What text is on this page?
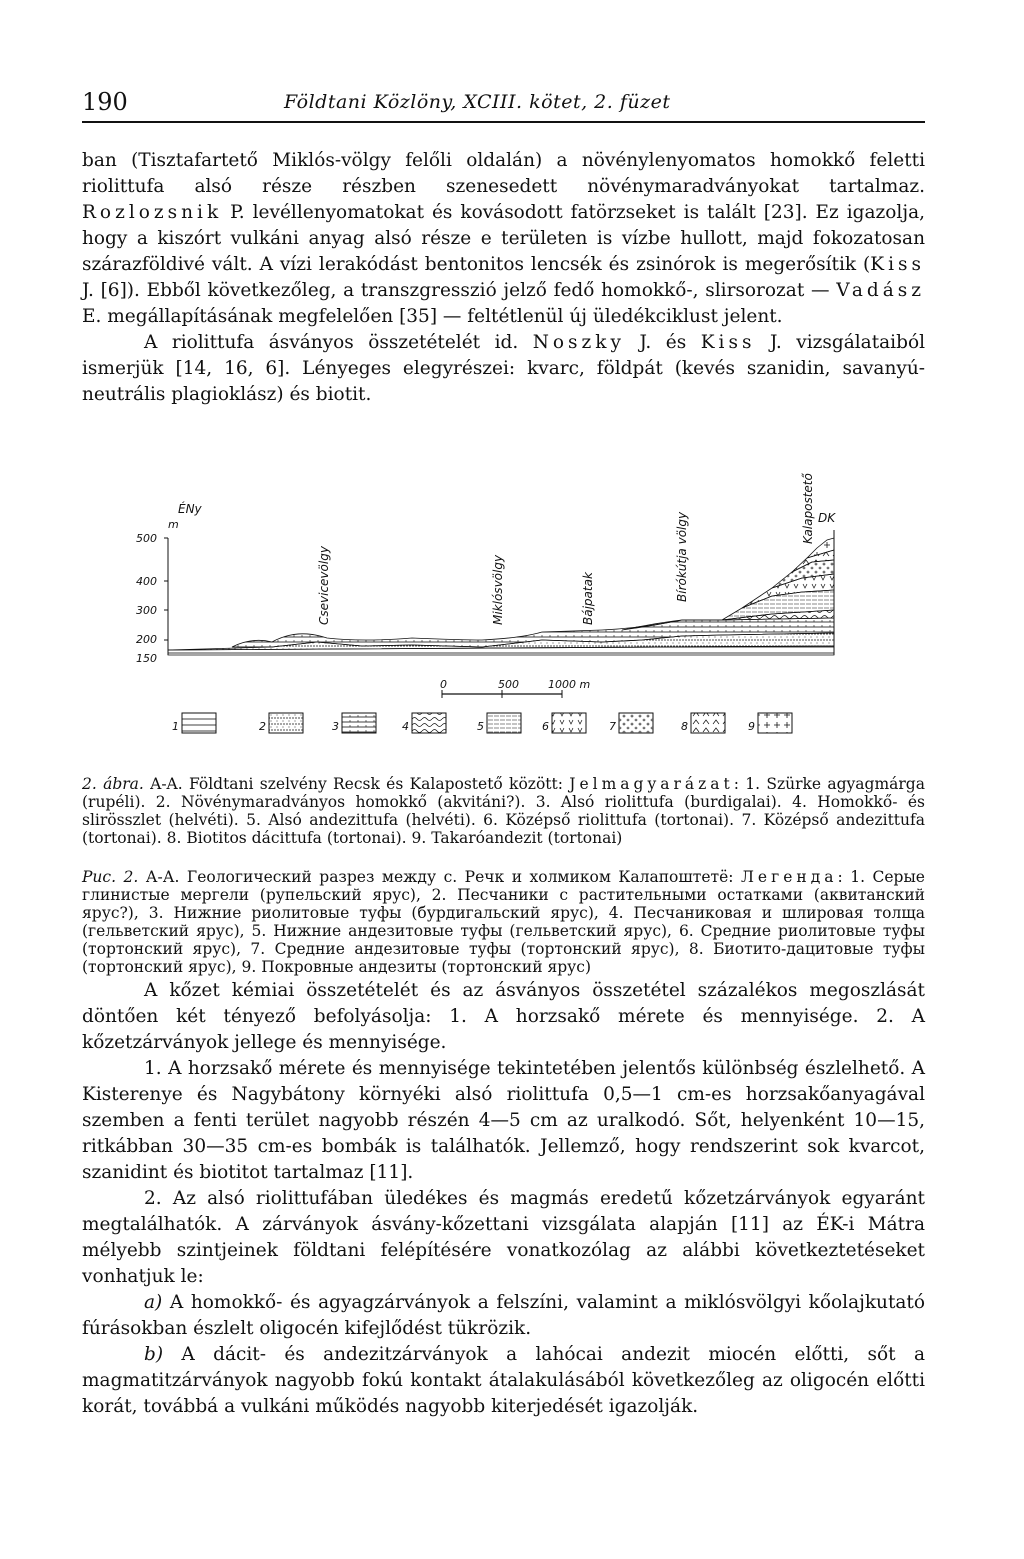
190	Földtani Közlöny, XCIII. kötet, 2. füzet

ban (Tisztafartető Miklós-völgy felőli oldalán) a növénylenyomatos homokkő feletti riolittufa alsó része részben szenesedett növénymaradványokat tartalmaz. Rozlozsnik P. levéllenyomatokat és kovásodott fatörzseket is talált [23]. Ez igazolja, hogy a kiszórt vulkáni anyag alsó része e területen is vízbe hullott, majd fokozatosan szárazföldivé vált. A vízi lerakódást bentonitos lencsék és zsinórok is megerősítik (Kiss J. [6]). Ebből következőleg, a transzgresszió jelző fedő homokkő-, slirsorozat — Vadász E. megállapításának megfelelően [35] — feltétlenül új üledékciklust jelent.

A riolittufa ásványos összetételét id. Noszky J. és Kiss J. vizsgálataiból ismerjük [14, 16, 6]. Lényeges elegyrészei: kvarc, földpát (kevés szanidin, savanyú-neutrális plagioklász) és biotit.

ÉNy
m
500
400
300
200
150
DK
Csevicevölgy	Miklósvölgy	Bájpatak	Bírókútja völgy
Kalapostető
0	500	1000 m
1	2	3	4	5	6	7	8	9

2. ábra. A-A. Földtani szelvény Recsk és Kalapostető között: Jelmagyarázat: 1. Szürke agyagmárga (rupéli). 2. Növénymaradványos homokkő (akvitáni?). 3. Alsó riolittufa (burdigalai). 4. Homokkő- és slirösszlet (helvéti). 5. Alsó andezittufa (helvéti). 6. Középső riolittufa (tortonai). 7. Középső andezittufa (tortonai). 8. Biotitos dácittufa (tortonai). 9. Takaróandezit (tortonai)

Рис. 2. А-А. Геологический разрез между с. Речк и холмиком Калапоштетё: Легенда: 1. Серые глинистые мергели (рупельский ярус), 2. Песчаники с растительными остатками (аквитанский ярус?), 3. Нижние риолитовые туфы (бурдигальский ярус), 4. Песчаниковая и шлировая толща (гельветский ярус), 5. Нижние андезитовые туфы (гельветский ярус), 6. Средние риолитовые туфы (тортонский ярус), 7. Средние андезитовые туфы (тортонский ярус), 8. Биотито-дацитовые туфы (тортонский ярус), 9. Покровные андезиты (тортонский ярус)

A kőzet kémiai összetételét és az ásványos összetétel százalékos megoszlását döntően két tényező befolyásolja: 1. A horzsakő mérete és mennyisége. 2. A kőzetzárványok jellege és mennyisége.

1. A horzsakő mérete és mennyisége tekintetében jelentős különbség észlelhető. A Kisterenye és Nagybátony környéki alsó riolittufa 0,5—1 cm-es horzsakőanyagával szemben a fenti terület nagyobb részén 4—5 cm az uralkodó. Sőt, helyenként 10—15, ritkábban 30—35 cm-es bombák is találhatók. Jellemző, hogy rendszerint sok kvarcot, szanidint és biotitot tartalmaz [11].

2. Az alsó riolittufában üledékes és magmás eredetű kőzetzárványok egyaránt megtalálhatók. A zárványok ásvány-kőzettani vizsgálata alapján [11] az ÉK-i Mátra mélyebb szintjeinek földtani felépítésére vonatkozólag az alábbi következtetéseket vonhatjuk le:

a) A homokkő- és agyagzárványok a felszíni, valamint a miklósvölgyi kőolajkutató fúrásokban észlelt oligocén kifejlődést tükrözik.

b) A dácit- és andezitzárványok a lahócai andezit miocén előtti, sőt a magmatitzárványok nagyobb fokú kontakt átalakulásából következőleg az oligocén előtti korát, továbbá a vulkáni működés nagyobb kiterjedését igazolják.
